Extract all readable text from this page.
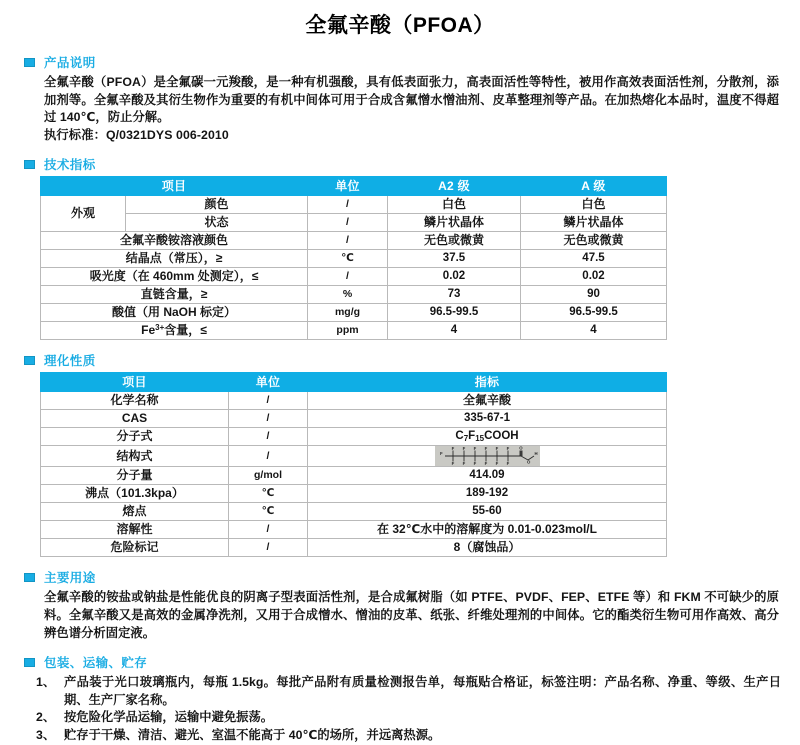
全氟辛酸（PFOA）
产品说明
全氟辛酸（PFOA）是全氟碳一元羧酸，是一种有机强酸，具有低表面张力，高表面活性等特性，被用作高效表面活性剂，分散剂，添加剂等。全氟辛酸及其衍生物作为重要的有机中间体可用于合成含氟憎水憎油剂、皮革整理剂等产品。在加热熔化本品时，温度不得超过 140℃，防止分解。
执行标准：Q/0321DYS 006-2010
技术指标
项目		单位	A2 级	A 级
外观	颜色	/	白色	白色
	状态	/	鳞片状晶体	鳞片状晶体
全氟辛酸铵溶液颜色		/	无色或微黄	无色或微黄
结晶点（常压），≥		℃	37.5	47.5
吸光度（在 460mm 处测定），≤		/	0.02	0.02
直链含量，≥		%	73	90
酸值（用 NaOH 标定）		mg/g	96.5-99.5	96.5-99.5
$Fe^{3+}$含量，≤		ppm	4	4
理化性质
项目	单位	指标
化学名称	/	全氟辛酸
CAS	/	335-67-1
分子式	/	$C_7F_{15}COOH$
结构式	/	F
F
F
F
F
F
F
F
F
F
F
F
F
O
O
H

分子量	g/mol	414.09
沸点（101.3kpa）	℃	189-192
熔点	℃	55-60
溶解性	/	在 32℃水中的溶解度为 0.01-0.023mol/L
危险标记	/	8（腐蚀品）
主要用途
全氟辛酸的铵盐或钠盐是性能优良的阴离子型表面活性剂，是合成氟树脂（如 PTFE、PVDF、FEP、ETFE 等）和 FKM 不可缺少的原料。全氟辛酸又是高效的金属净洗剂，又用于合成憎水、憎油的皮革、纸张、纤维处理剂的中间体。它的酯类衍生物可用作高效、高分辨色谱分析固定液。
包装、运输、贮存
1、 产品装于光口玻璃瓶内，每瓶 1.5kg。每批产品附有质量检测报告单，每瓶贴合格证，标签注明：产品名称、净重、等级、生产日期、生产厂家名称。
2、 按危险化学品运输，运输中避免振荡。
3、 贮存于干燥、清洁、避光、室温不能高于 40℃的场所，并远离热源。
